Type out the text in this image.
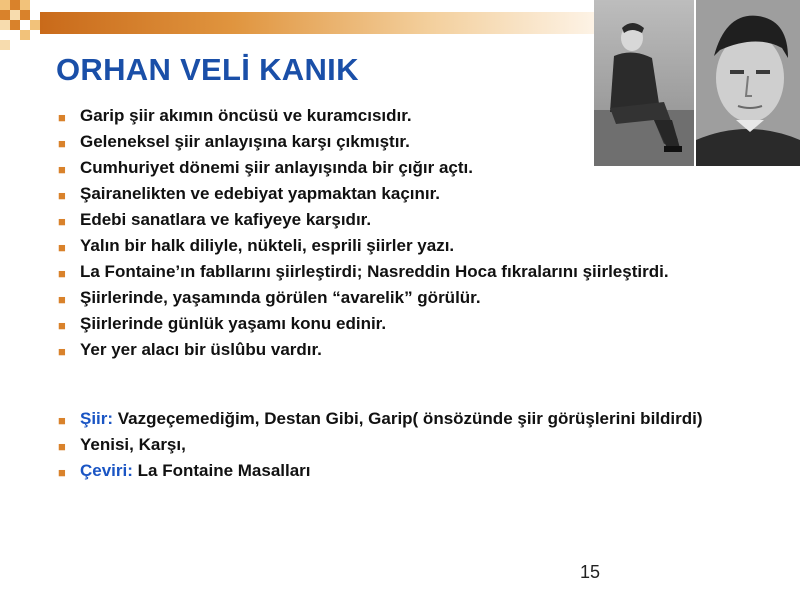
ORHAN VELİ KANIK
■ Garip şiir akımın öncüsü ve kuramcısıdır.
■ Geleneksel şiir anlayışına karşı çıkmıştır.
■ Cumhuriyet dönemi şiir anlayışında bir çığır açtı.
■ Şairanelikten ve edebiyat yapmaktan kaçınır.
■ Edebi sanatlara ve kafiyeye karşıdır.
■ Yalın bir halk diliyle, nükteli, esprili şiirler yazı.
■ La Fontaine’ın fabllarını şiirleştirdi; Nasreddin Hoca fıkralarını şiirleştirdi.
■ Şiirlerinde, yaşamında görülen “avarelik” görülür.
■ Şiirlerinde günlük yaşamı konu edinir.
■ Yer yer alacı bir üslûbu vardır.
■ Şiir: Vazgeçemediğim, Destan Gibi, Garip( önsözünde şiir görüşlerini bildirdi)
■ Yenisi, Karşı,
■ Çeviri: La Fontaine Masalları
15
